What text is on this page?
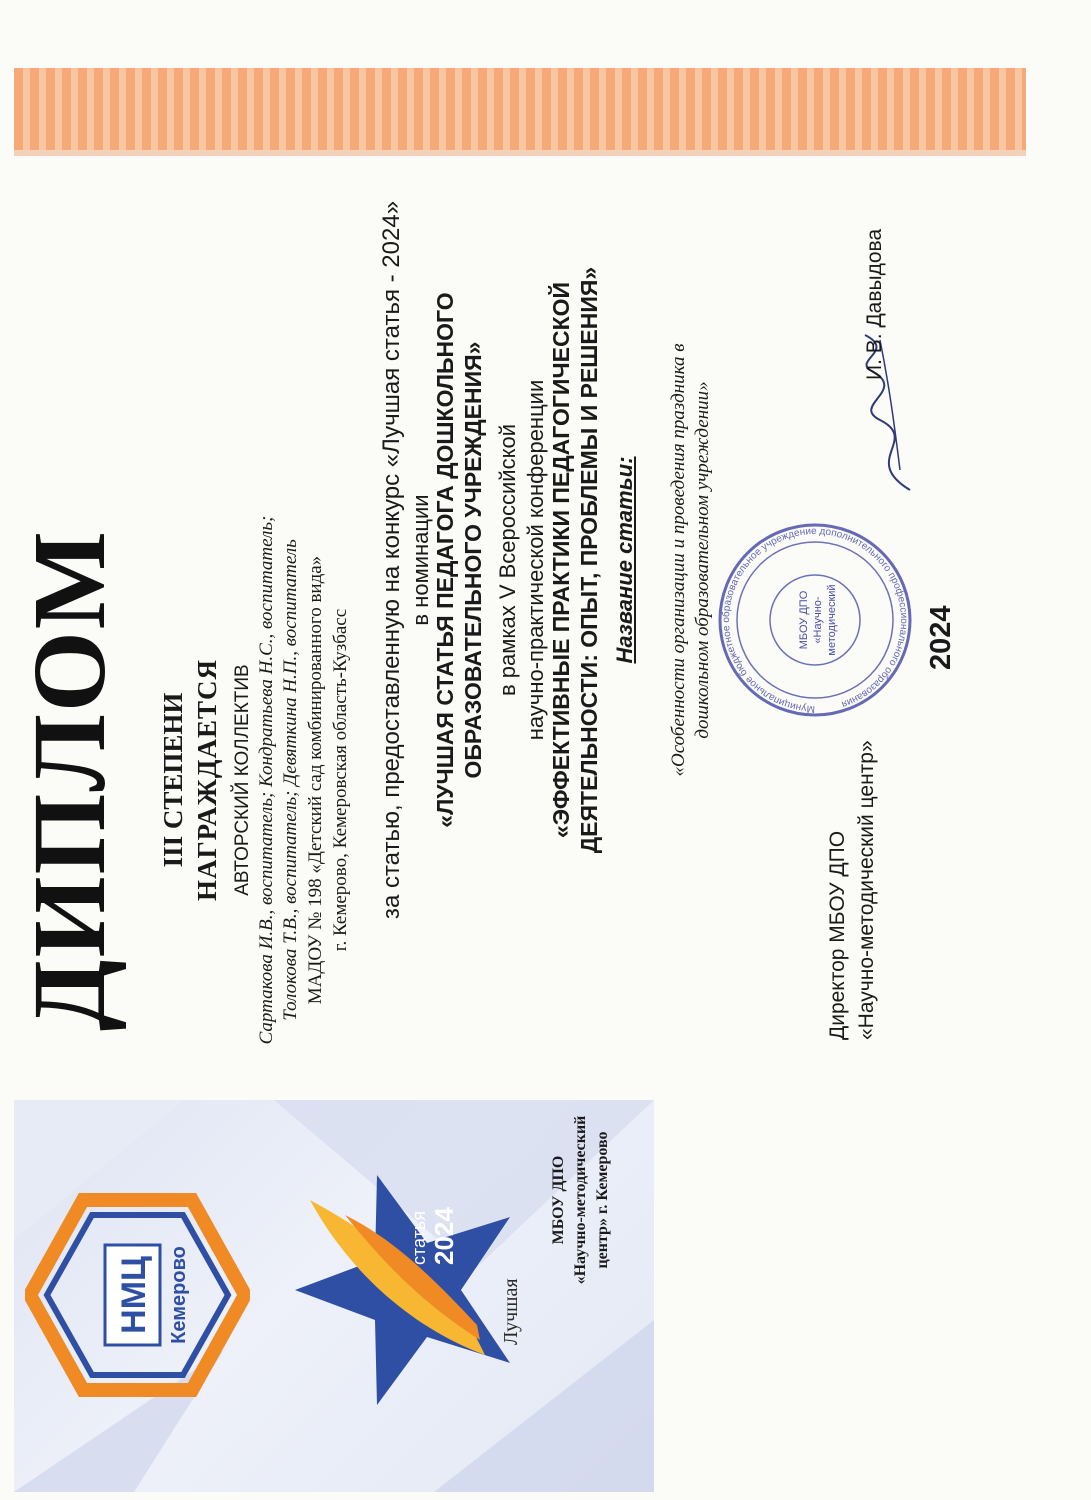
НМЦ Кемерово	Лучшая
статья 2024	МБОУ ДПО «Научно-методический центр» г. Кемерово
ДИПЛОМ III СТЕПЕНИ НАГРАЖДАЕТСЯ АВТОРСКИЙ КОЛЛЕКТИВ Сартакова И.В., воспитатель; Кондратьева Н.С., воспитатель; Толокова Т.В., воспитатель; Девяткина Н.П., воспитатель МАДОУ № 198 «Детский сад комбинированного вида» г. Кемерово, Кемеровская область-Кузбасс за статью, предоставленную на конкурс «Лучшая статья - 2024» в номинации «ЛУЧШАЯ СТАТЬЯ ПЕДАГОГА ДОШКОЛЬНОГО ОБРАЗОВАТЕЛЬНОГО УЧРЕЖДЕНИЯ» в рамках V Всероссийской научно-практической конференции «ЭФФЕКТИВНЫЕ ПРАКТИКИ ПЕДАГОГИЧЕСКОЙ ДЕЯТЕЛЬНОСТИ: ОПЫТ, ПРОБЛЕМЫ И РЕШЕНИЯ» Название статьи: «Особенности организации и проведения праздника в дошкольном образовательном учреждении»
Директор МБОУ ДПО «Научно-методический центр»
Муниципальное бюджетное образовательное учреждение дополнительного профессионального образования
МБОУ ДПО «Научно- методический	2024
И. В. Давыдова
